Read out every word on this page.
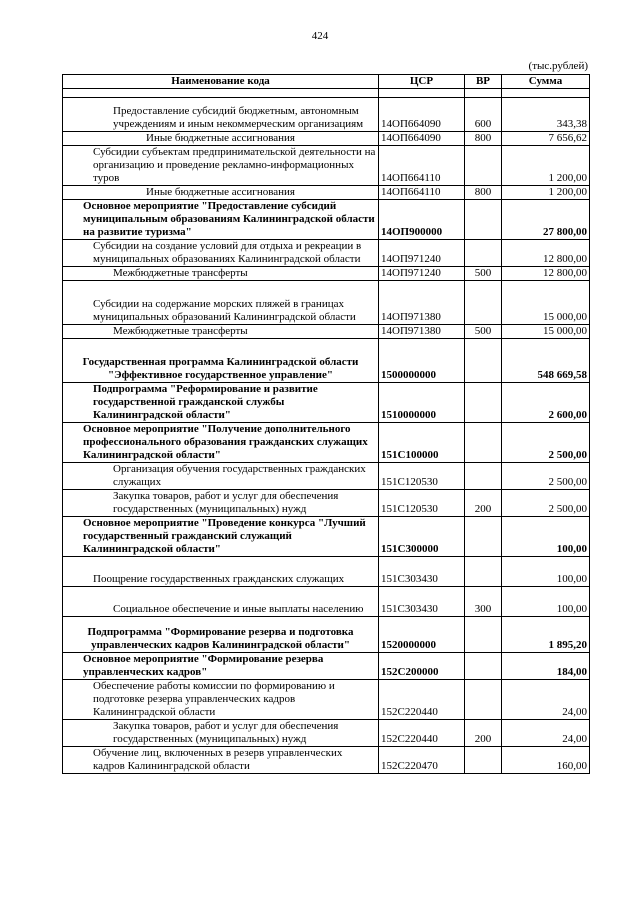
424
(тыс.рублей)
Наименование кода	ЦСР	ВР	Сумма

Предоставление субсидий бюджетным, автономным учреждениям и иным некоммерческим организациям	14ОП664090	600	343,38
Иные бюджетные ассигнования	14ОП664090	800	7 656,62
Субсидии субъектам предпринимательской деятельности на организацию и проведение рекламно-информационных туров	14ОП664110		1 200,00
Иные бюджетные ассигнования	14ОП664110	800	1 200,00
Основное мероприятие "Предоставление субсидий муниципальным образованиям Калининградской области на развитие туризма"	14ОП900000		27 800,00
Субсидии на создание условий для отдыха и рекреации в муниципальных образованиях Калининградской области	14ОП971240		12 800,00
Межбюджетные трансферты	14ОП971240	500	12 800,00
Субсидии на содержание морских пляжей в границах муниципальных образований Калининградской области	14ОП971380		15 000,00
Межбюджетные трансферты	14ОП971380	500	15 000,00
Государственная программа Калининградской области "Эффективное государственное управление"	1500000000		548 669,58
Подпрограмма "Реформирование и развитие государственной гражданской службы Калининградской области"	1510000000		2 600,00
Основное мероприятие "Получение дополнительного профессионального образования гражданских служащих Калининградской области"	151С100000		2 500,00
Организация обучения государственных гражданских служащих	151С120530		2 500,00
Закупка товаров, работ и услуг для обеспечения государственных (муниципальных) нужд	151С120530	200	2 500,00
Основное мероприятие "Проведение конкурса "Лучший государственный гражданский служащий Калининградской области"	151С300000		100,00
Поощрение государственных гражданских служащих	151С303430		100,00
Социальное обеспечение и иные выплаты населению	151С303430	300	100,00
Подпрограмма "Формирование резерва и подготовка управленческих кадров Калининградской области"	1520000000		1 895,20
Основное мероприятие "Формирование резерва управленческих кадров"	152С200000		184,00
Обеспечение работы комиссии по формированию и подготовке резерва управленческих кадров Калининградской области	152С220440		24,00
Закупка товаров, работ и услуг для обеспечения государственных (муниципальных) нужд	152С220440	200	24,00
Обучение лиц, включенных в резерв управленческих кадров Калининградской области	152С220470		160,00
